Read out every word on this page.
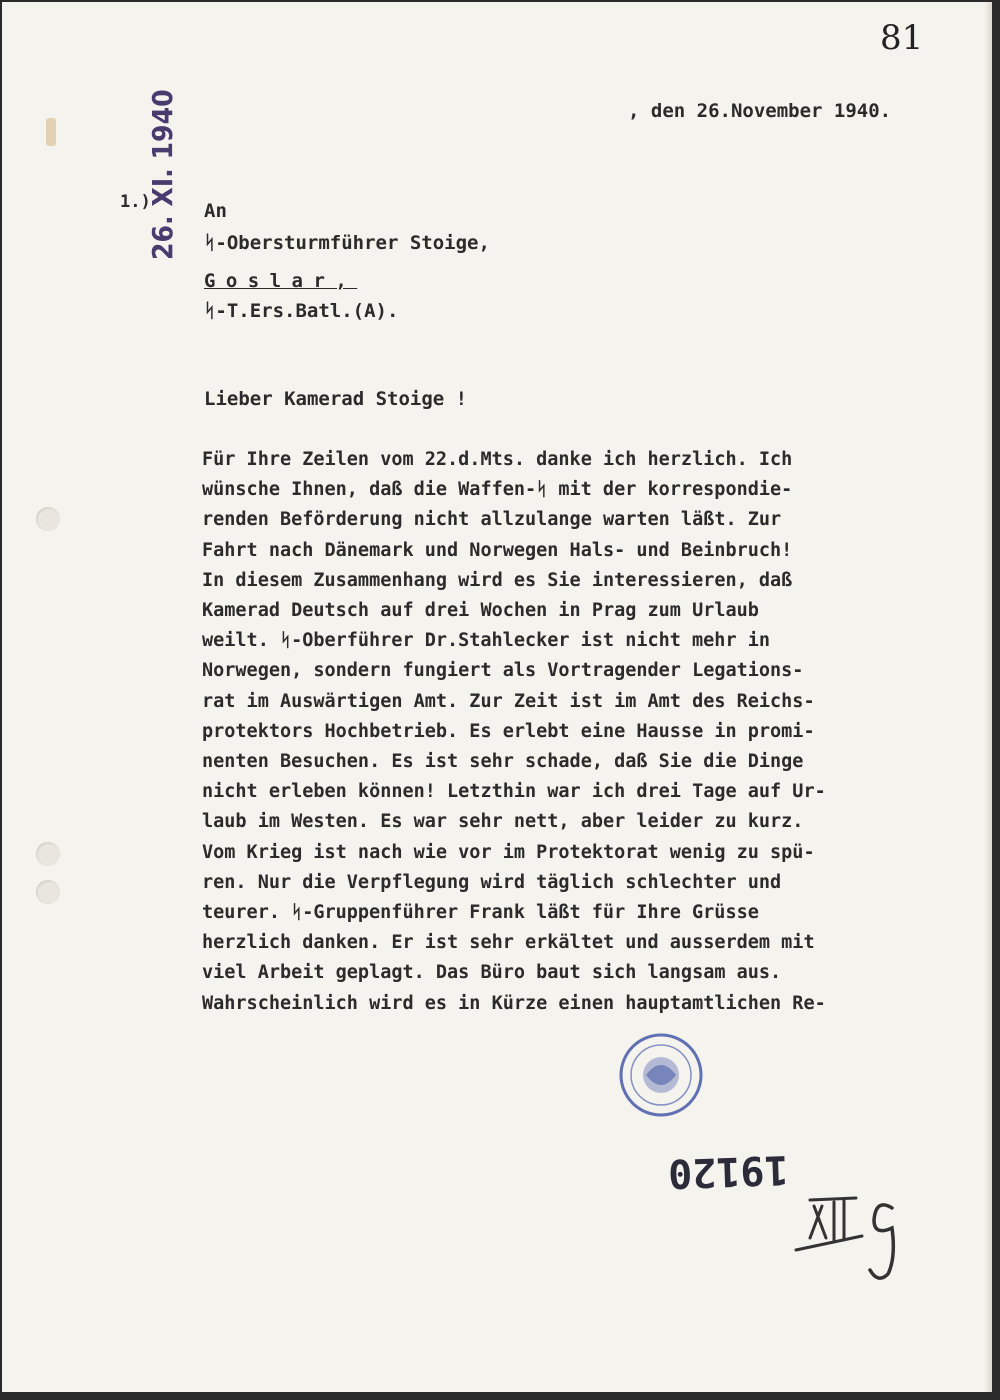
81
, den 26.November 1940.
1.)
26. XI. 1940 An
ᛋ-Obersturmführer Stoige,
Goslar,
ᛋ-T.Ers.Batl.(A).
Lieber Kamerad Stoige !
Für Ihre Zeilen vom 22.d.Mts. danke ich herzlich. Ich
wünsche Ihnen, daß die Waffen-ᛋ mit der korrespondie-
renden Beförderung nicht allzulange warten läßt. Zur
Fahrt nach Dänemark und Norwegen Hals- und Beinbruch!
In diesem Zusammenhang wird es Sie interessieren, daß
Kamerad Deutsch auf drei Wochen in Prag zum Urlaub
weilt. ᛋ-Oberführer Dr.Stahlecker ist nicht mehr in
Norwegen, sondern fungiert als Vortragender Legations-
rat im Auswärtigen Amt. Zur Zeit ist im Amt des Reichs-
protektors Hochbetrieb. Es erlebt eine Hausse in promi-
nenten Besuchen. Es ist sehr schade, daß Sie die Dinge
nicht erleben können! Letzthin war ich drei Tage auf Ur-
laub im Westen. Es war sehr nett, aber leider zu kurz.
Vom Krieg ist nach wie vor im Protektorat wenig zu spü-
ren. Nur die Verpflegung wird täglich schlechter und
teurer. ᛋ-Gruppenführer Frank läßt für Ihre Grüsse
herzlich danken. Er ist sehr erkältet und ausserdem mit
viel Arbeit geplagt. Das Büro baut sich langsam aus.
Wahrscheinlich wird es in Kürze einen hauptamtlichen Re-
19120
